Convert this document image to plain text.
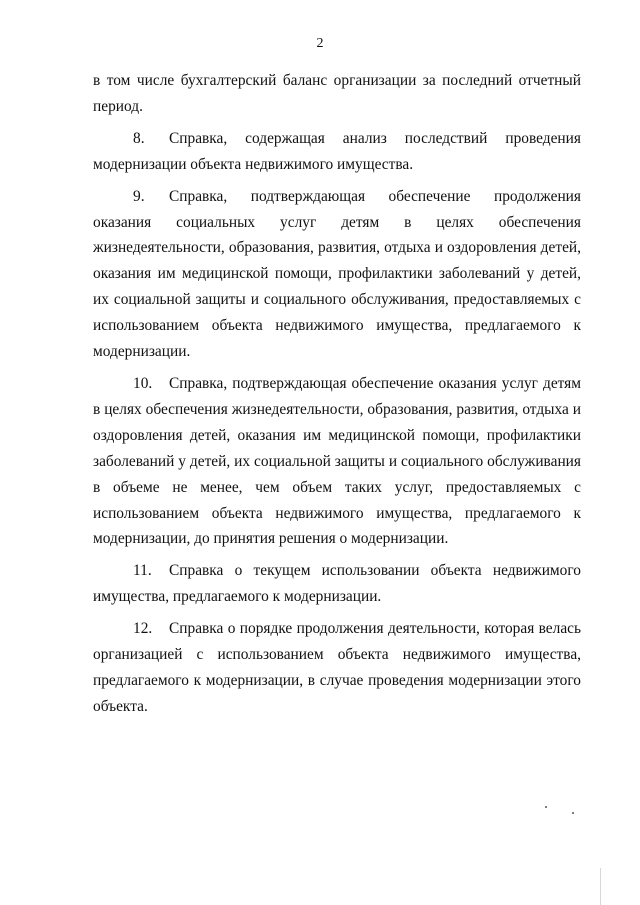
2

в том числе бухгалтерский баланс организации за последний отчетный период.

8. Справка, содержащая анализ последствий проведения модернизации объекта недвижимого имущества.

9. Справка, подтверждающая обеспечение продолжения оказания социальных услуг детям в целях обеспечения жизнедеятельности, образования, развития, отдыха и оздоровления детей, оказания им медицинской помощи, профилактики заболеваний у детей, их социальной защиты и социального обслуживания, предоставляемых с использованием объекта недвижимого имущества, предлагаемого к модернизации.

10. Справка, подтверждающая обеспечение оказания услуг детям в целях обеспечения жизнедеятельности, образования, развития, отдыха и оздоровления детей, оказания им медицинской помощи, профилактики заболеваний у детей, их социальной защиты и социального обслуживания в объеме не менее, чем объем таких услуг, предоставляемых с использованием объекта недвижимого имущества, предлагаемого к модернизации, до принятия решения о модернизации.

11. Справка о текущем использовании объекта недвижимого имущества, предлагаемого к модернизации.

12. Справка о порядке продолжения деятельности, которая велась организацией с использованием объекта недвижимого имущества, предлагаемого к модернизации, в случае проведения модернизации этого объекта.
